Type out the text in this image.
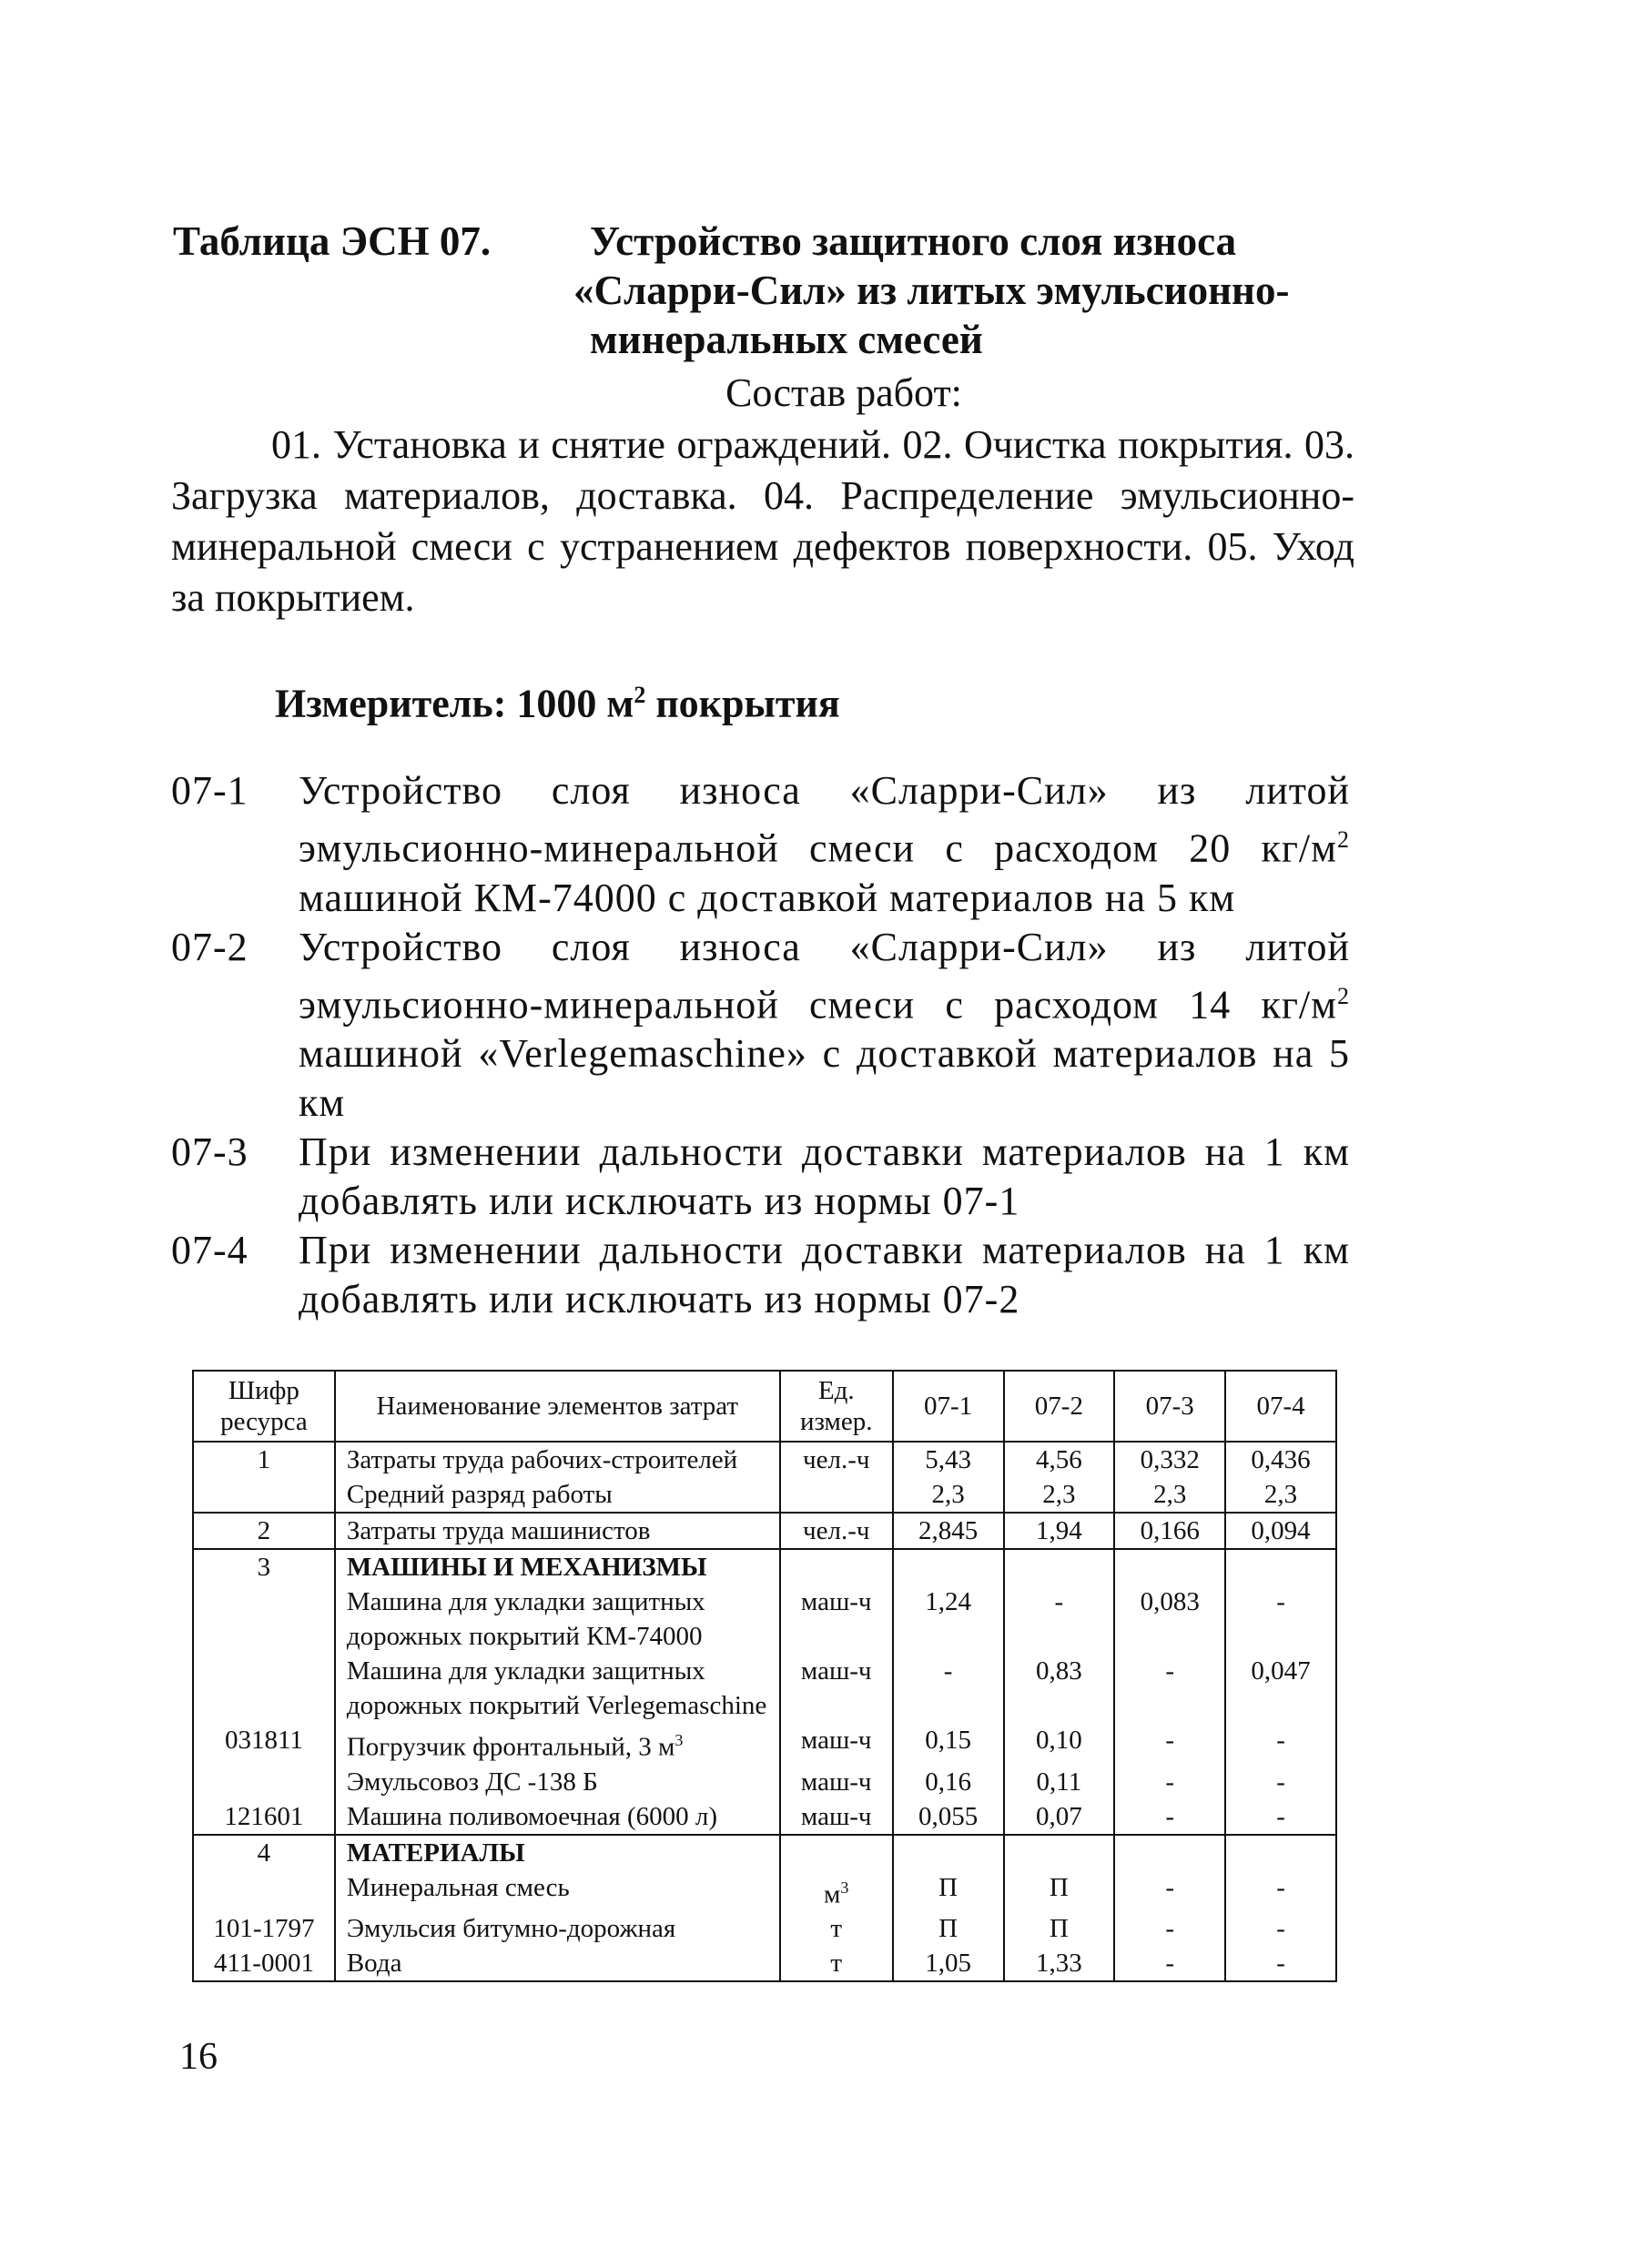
Таблица ЭСН 07.	Устройство защитного слоя износа
«Сларри-Сил» из литых эмульсионно-
минеральных смесей
Состав работ:
01. Установка и снятие ограждений. 02. Очистка покрытия. 03. Загрузка материалов, доставка. 04. Распределение эмульсионно-минеральной смеси с устранением дефектов поверхности. 05. Уход за покрытием.
Измеритель: 1000 $м^2$ покрытия
07-1 Устройство слоя износа «Сларри-Сил» из литой эмульсионно-минеральной смеси с расходом 20 $кг/м^2$ машиной КМ-74000 с доставкой материалов на 5 км
07-2 Устройство слоя износа «Сларри-Сил» из литой эмульсионно-минеральной смеси с расходом 14 $кг/м^2$ машиной «Verlegemaschine» с доставкой материалов на 5 км
07-3 При изменении дальности доставки материалов на 1 км добавлять или исключать из нормы 07-1
07-4 При изменении дальности доставки материалов на 1 км добавлять или исключать из нормы 07-2
Шифр ресурса	Наименование элементов затрат	Ед. измер.	07-1	07-2	07-3	07-4
1	Затраты труда рабочих-строителей	чел.-ч	5,43	4,56	0,332	0,436
	Средний разряд работы		2,3	2,3	2,3	2,3
2	Затраты труда машинистов	чел.-ч	2,845	1,94	0,166	0,094
3	МАШИНЫ И МЕХАНИЗМЫ					
	Машина для укладки защитных дорожных покрытий КМ-74000	маш-ч	1,24	-	0,083	-
	Машина для укладки защитных дорожных покрытий Verlegemaschine	маш-ч	-	0,83	-	0,047
031811	Погрузчик фронтальный, 3 $м^3$	маш-ч	0,15	0,10	-	-
	Эмульсовоз ДС -138 Б	маш-ч	0,16	0,11	-	-
121601	Машина поливомоечная (6000 л)	маш-ч	0,055	0,07	-	-
4	МАТЕРИАЛЫ					
	Минеральная смесь	$м^3$	П	П	-	-
101-1797	Эмульсия битумно-дорожная	т	П	П	-	-
411-0001	Вода	т	1,05	1,33	-	-
16
